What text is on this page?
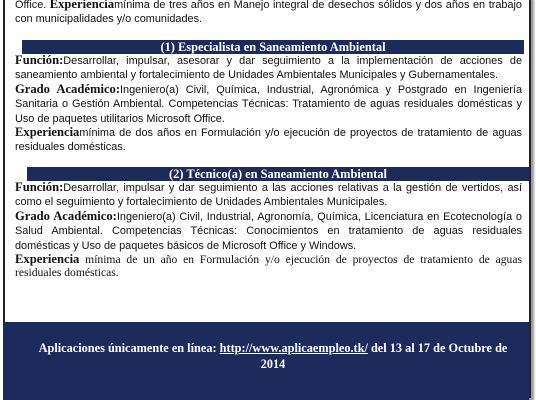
Office. Experienciamínima de tres años en Manejo integral de desechos sólidos y dos años en trabajo con municipalidades y/o comunidades.
(1) Especialista en Saneamiento Ambiental
Función:Desarrollar, impulsar, asesorar y dar seguimiento a la implementación de acciones de saneamiento ambiental y fortalecimiento de Unidades Ambientales Municipales y Gubernamentales.
Grado Académico:Ingeniero(a) Civil, Química, Industrial, Agronómica y Postgrado en Ingeniería Sanitaria o Gestión Ambiental. Competencias Técnicas: Tratamiento de aguas residuales domésticas y Uso de paquetes utilitarios Microsoft Office.
Experienciamínima de dos años en Formulación y/o ejecución de proyectos de tratamiento de aguas residuales domésticas.
(2) Técnico(a) en Saneamiento Ambiental
Función:Desarrollar, impulsar y dar seguimiento a las acciones relativas a la gestión de vertidos, así como el seguimiento y fortalecimiento de Unidades Ambientales Municipales.
Grado Académico:Ingeniero(a) Civil, Industrial, Agronomía, Química, Licenciatura en Ecotecnología o Salud Ambiental. Competencias Técnicas: Conocimientos en tratamiento de aguas residuales domésticas y Uso de paquetes básicos de Microsoft Office y Windows.
Experiencia mínima de un año en Formulación y/o ejecución de proyectos de tratamiento de aguas residuales domésticas.
Aplicaciones únicamente en línea: http://www.aplicaempleo.tk/ del 13 al 17 de Octubre de 2014
